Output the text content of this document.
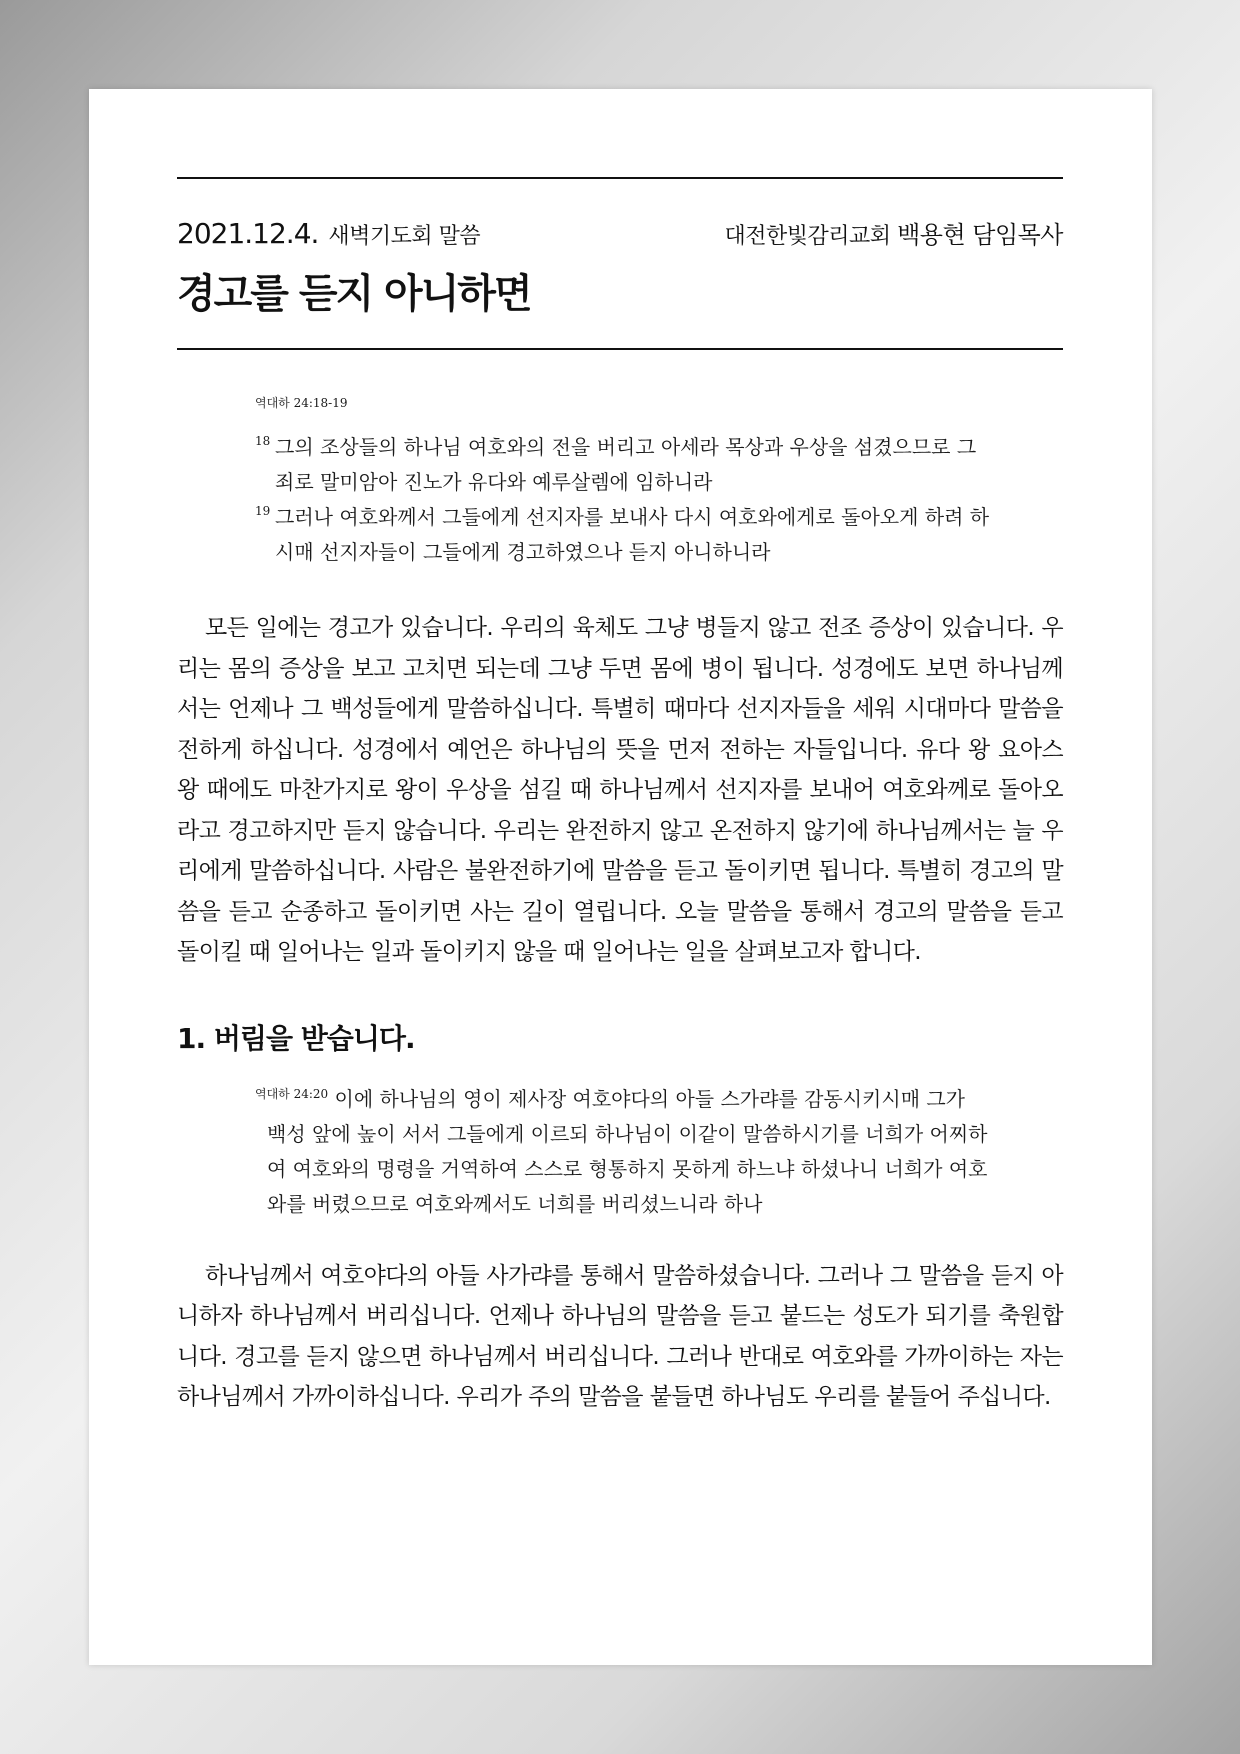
2021.12.4. 새벽기도회 말씀	대전한빛감리교회 백용현 담임목사
경고를 듣지 아니하면
역대하 24:18-19
18 그의 조상들의 하나님 여호와의 전을 버리고 아세라 목상과 우상을 섬겼으므로 그 죄로 말미암아 진노가 유다와 예루살렘에 임하니라
19 그러나 여호와께서 그들에게 선지자를 보내사 다시 여호와에게로 돌아오게 하려 하시매 선지자들이 그들에게 경고하였으나 듣지 아니하니라

모든 일에는 경고가 있습니다. 우리의 육체도 그냥 병들지 않고 전조 증상이 있습니다. 우리는 몸의 증상을 보고 고치면 되는데 그냥 두면 몸에 병이 됩니다. 성경에도 보면 하나님께서는 언제나 그 백성들에게 말씀하십니다. 특별히 때마다 선지자들을 세워 시대마다 말씀을 전하게 하십니다. 성경에서 예언은 하나님의 뜻을 먼저 전하는 자들입니다. 유다 왕 요아스 왕 때에도 마찬가지로 왕이 우상을 섬길 때 하나님께서 선지자를 보내어 여호와께로 돌아오라고 경고하지만 듣지 않습니다. 우리는 완전하지 않고 온전하지 않기에 하나님께서는 늘 우리에게 말씀하십니다. 사람은 불완전하기에 말씀을 듣고 돌이키면 됩니다. 특별히 경고의 말씀을 듣고 순종하고 돌이키면 사는 길이 열립니다. 오늘 말씀을 통해서 경고의 말씀을 듣고 돌이킬 때 일어나는 일과 돌이키지 않을 때 일어나는 일을 살펴보고자 합니다.

1. 버림을 받습니다.
$^{역대하 24:20}$ 이에 하나님의 영이 제사장 여호야다의 아들 스가랴를 감동시키시매 그가 백성 앞에 높이 서서 그들에게 이르되 하나님이 이같이 말씀하시기를 너희가 어찌하여 여호와의 명령을 거역하여 스스로 형통하지 못하게 하느냐 하셨나니 너희가 여호와를 버렸으므로 여호와께서도 너희를 버리셨느니라 하나

하나님께서 여호야다의 아들 사가랴를 통해서 말씀하셨습니다. 그러나 그 말씀을 듣지 아니하자 하나님께서 버리십니다. 언제나 하나님의 말씀을 듣고 붙드는 성도가 되기를 축원합니다. 경고를 듣지 않으면 하나님께서 버리십니다. 그러나 반대로 여호와를 가까이하는 자는 하나님께서 가까이하십니다. 우리가 주의 말씀을 붙들면 하나님도 우리를 붙들어 주십니다.
